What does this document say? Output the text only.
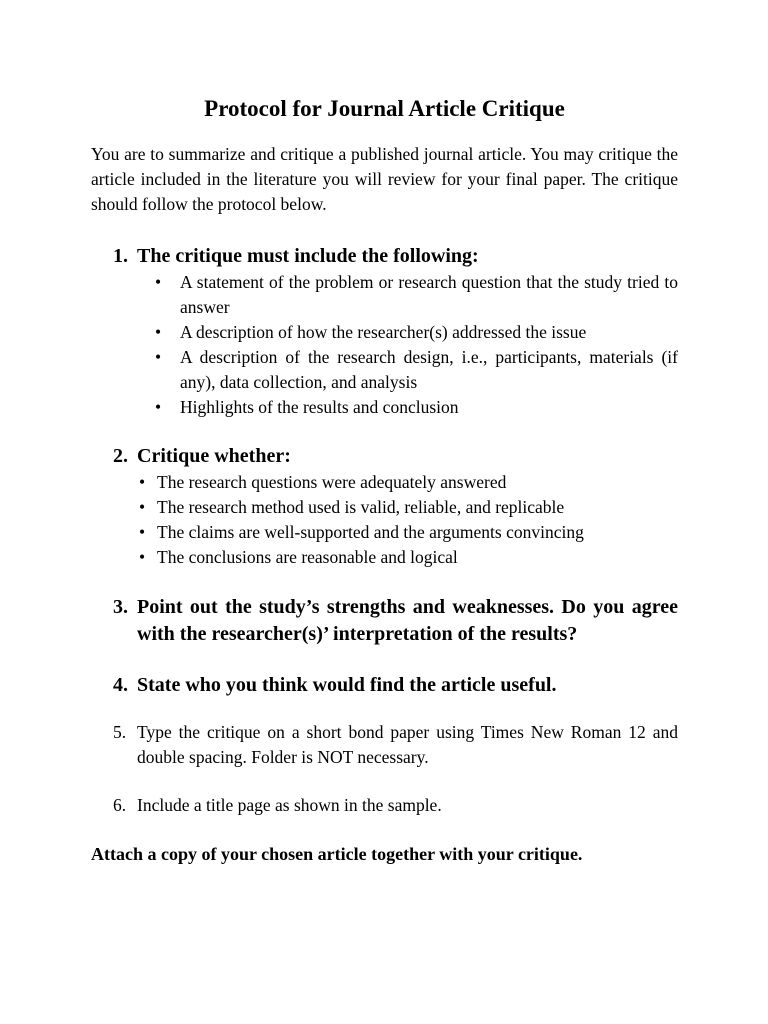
Protocol for Journal Article Critique

You are to summarize and critique a published journal article. You may critique the article included in the literature you will review for your final paper. The critique should follow the protocol below.

1. The critique must include the following:
•	A statement of the problem or research question that the study tried to answer
•	A description of how the researcher(s) addressed the issue
•	A description of the research design, i.e., participants, materials (if any), data collection, and analysis
•	Highlights of the results and conclusion
2. Critique whether:
• The research questions were adequately answered
• The research method used is valid, reliable, and replicable
• The claims are well-supported and the arguments convincing
• The conclusions are reasonable and logical
3. Point out the study’s strengths and weaknesses. Do you agree with the researcher(s)’ interpretation of the results?
4. State who you think would find the article useful.
5. Type the critique on a short bond paper using Times New Roman 12 and double spacing. Folder is NOT necessary.
6. Include a title page as shown in the sample.

Attach a copy of your chosen article together with your critique.
